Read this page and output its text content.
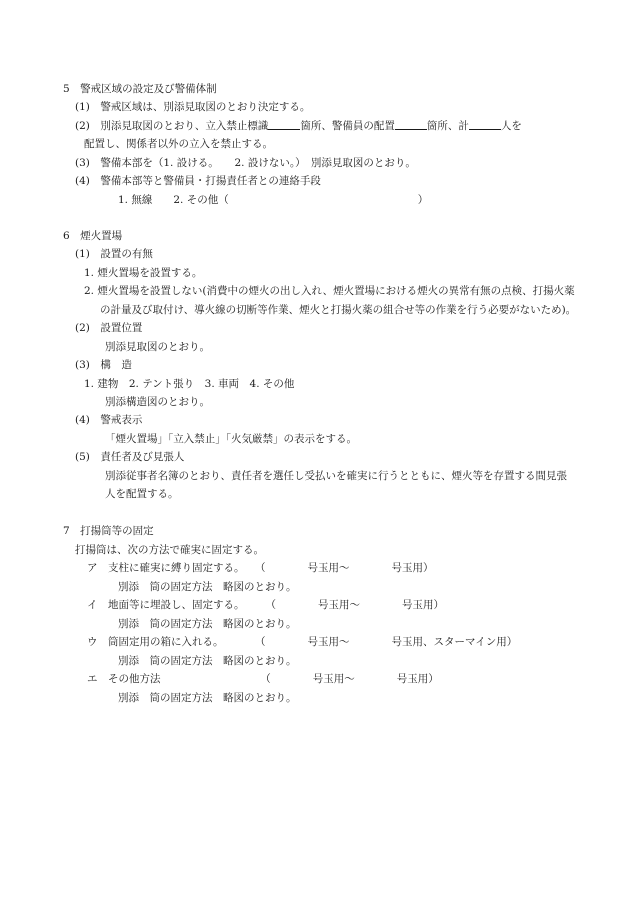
5　警戒区域の設定及び警備体制
(1)　警戒区域は、別添見取図のとおり決定する。
(2)　別添見取図のとおり、立入禁止標識	箇所、警備員の配置	箇所、計	人を
配置し、関係者以外の立入を禁止する。
(3)　警備本部を（1. 設ける。　　2. 設けない。）　別添見取図のとおり。
(4)　警備本部等と警備員・打揚責任者との連絡手段
1. 無線　　2. その他（　　　　　　　　　　　　　　　　　　）
6　煙火置場
(1)　設置の有無
1. 煙火置場を設置する。
2. 煙火置場を設置しない(消費中の煙火の出し入れ、煙火置場における煙火の異常有無の点検、打揚火薬
の計量及び取付け、導火線の切断等作業、煙火と打揚火薬の組合せ等の作業を行う必要がないため)。
(2)　設置位置
別添見取図のとおり。
(3)　構　造
1. 建物　2. テント張り　3. 車両　4. その他
別添構造図のとおり。
(4)　警戒表示
「煙火置場」「立入禁止」「火気厳禁」の表示をする。
(5)　責任者及び見張人
別添従事者名簿のとおり、責任者を選任し受払いを確実に行うとともに、煙火等を存置する間見張
人を配置する。
7　打揚筒等の固定
打揚筒は、次の方法で確実に固定する。
ア　支柱に確実に縛り固定する。　　（　　　　号玉用〜　　　　号玉用）
別添　筒の固定方法　略図のとおり。
イ　地面等に埋設し、固定する。　　　（　　　　号玉用〜　　　　号玉用）
別添　筒の固定方法　略図のとおり。
ウ　筒固定用の箱に入れる。　　　　（　　　　号玉用〜　　　　号玉用、スターマイン用）
別添　筒の固定方法　略図のとおり。
エ　その他方法　　　　　　　　　　（　　　　号玉用〜　　　　号玉用）
別添　筒の固定方法　略図のとおり。
